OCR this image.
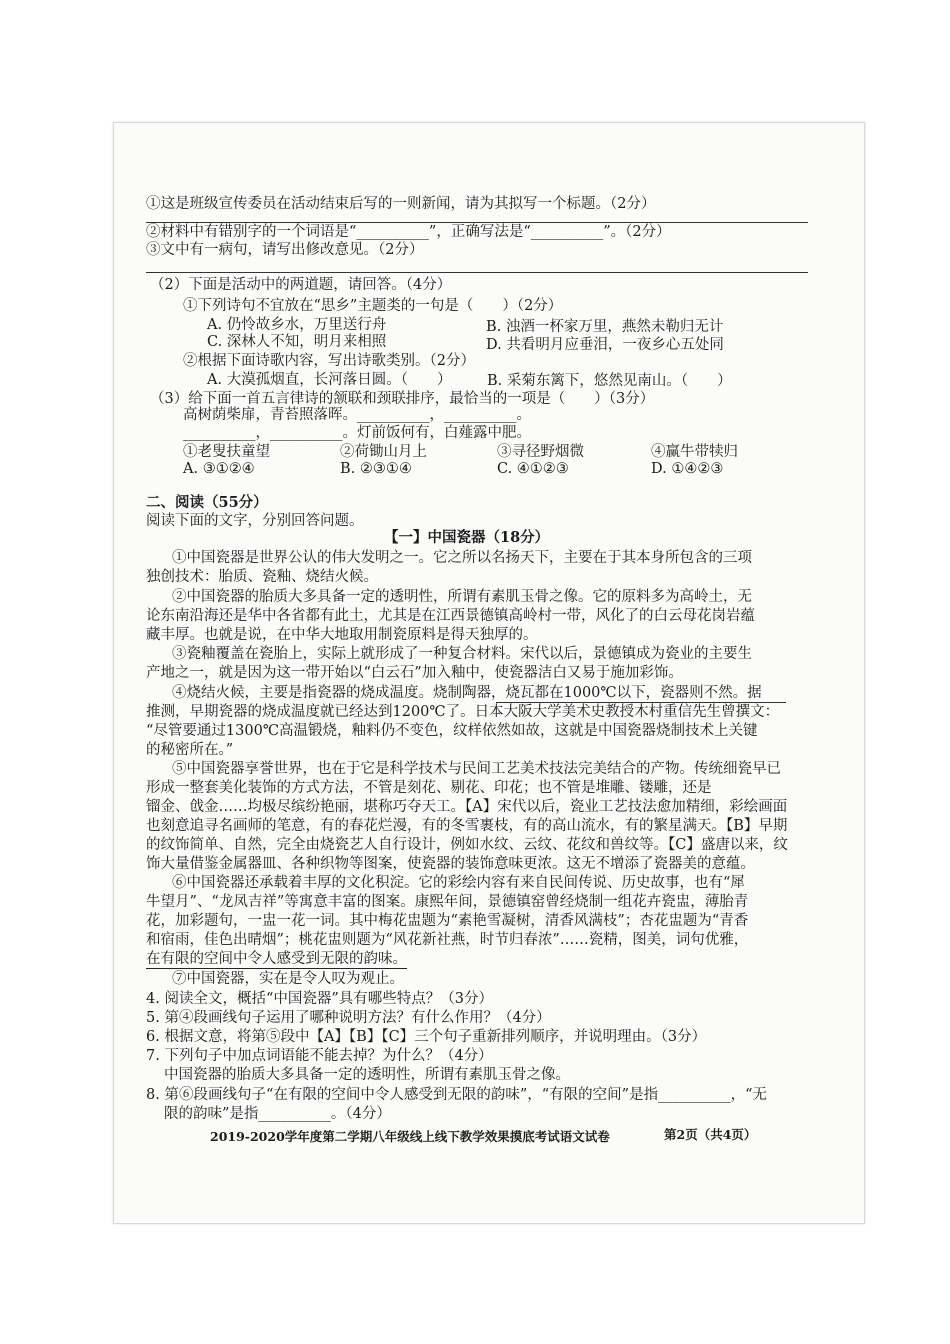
①这是班级宣传委员在活动结束后写的一则新闻，请为其拟写一个标题。（2分）
②材料中有错别字的一个词语是“__________”，正确写法是“__________”。（2分）
③文中有一病句，请写出修改意见。（2分）
（2）下面是活动中的两道题，请回答。（4分）
①下列诗句不宜放在“思乡”主题类的一句是（　　）（2分）
A. 仍怜故乡水，万里送行舟	B. 浊酒一杯家万里，燕然未勒归无计
C. 深林人不知，明月来相照	D. 共看明月应垂泪，一夜乡心五处同
②根据下面诗歌内容，写出诗歌类别。（2分）
A. 大漠孤烟直，长河落日圆。（　　） B. 采菊东篱下，悠然见南山。（　　）
（3）给下面一首五言律诗的颔联和颈联排序，最恰当的一项是（　　）（3分）
高树荫柴扉，青苔照落晖。__________，__________。
__________，__________。灯前饭何有，白薤露中肥。
①老叟扶童望	②荷锄山月上	③寻径野烟微	④赢牛带犊归
A. ③①②④	B. ②③①④	C. ④①②③	D. ①④②③
二、阅读（55分）
阅读下面的文字，分别回答问题。
【一】中国瓷器（18分）
①中国瓷器是世界公认的伟大发明之一。它之所以名扬天下，主要在于其本身所包含的三项
独创技术：胎质、瓷釉、烧结火候。
②中国瓷器的胎质大多具备一定的透明性，所谓有素肌玉骨之像。它的原料多为高岭土，无
论东南沿海还是华中各省都有此土，尤其是在江西景德镇高岭村一带，风化了的白云母花岗岩蕴
藏丰厚。也就是说，在中华大地取用制瓷原料是得天独厚的。
③瓷釉覆盖在瓷胎上，实际上就形成了一种复合材料。宋代以后，景德镇成为瓷业的主要生
产地之一，就是因为这一带开始以“白云石”加入釉中，使瓷器洁白又易于施加彩饰。
④烧结火候，主要是指瓷器的烧成温度。烧制陶器，烧瓦都在1000℃以下，瓷器则不然。据
推测，早期瓷器的烧成温度就已经达到1200℃了。日本大阪大学美术史教授木村重信先生曾撰文：
“尽管要通过1300℃高温锻烧，釉料仍不变色，纹样依然如故，这就是中国瓷器烧制技术上关键
的秘密所在。”
⑤中国瓷器享誉世界，也在于它是科学技术与民间工艺美术技法完美结合的产物。传统细瓷早已
形成一整套美化装饰的方式方法，不管是刻花、剔花、印花；也不管是堆雕、镂雕，还是
镏金、戗金……均极尽缤纷艳丽，堪称巧夺天工。【A】宋代以后，瓷业工艺技法愈加精细，彩绘画面
也刻意追寻名画师的笔意，有的春花烂漫，有的冬雪裹枝，有的高山流水，有的繁星满天。【B】早期
的纹饰简单、自然，完全由烧瓷艺人自行设计，例如水纹、云纹、花纹和兽纹等。【C】盛唐以来，纹
饰大量借鉴金属器皿、各种织物等图案，使瓷器的装饰意味更浓。这无不增添了瓷器美的意蕴。
⑥中国瓷器还承载着丰厚的文化积淀。它的彩绘内容有来自民间传说、历史故事，也有“犀
牛望月”、“龙凤吉祥”等寓意丰富的图案。康熙年间，景德镇窑曾经烧制一组花卉瓷盅，薄胎青
花，加彩题句，一盅一花一词。其中梅花盅题为“素艳雪凝树，清香风满枝”；杏花盅题为“青香
和宿雨，佳色出晴烟”；桃花盅则题为“风花新社燕，时节归春浓”……瓷精，图美，词句优雅，
在有限的空间中令人感受到无限的韵味。
⑦中国瓷器，实在是令人叹为观止。
4. 阅读全文，概括“中国瓷器”具有哪些特点？（3分）
5. 第④段画线句子运用了哪种说明方法？有什么作用？（4分）
6. 根据文意，将第⑤段中【A】【B】【C】三个句子重新排列顺序，并说明理由。（3分）
7. 下列句子中加点词语能不能去掉？为什么？（4分）
中国瓷器的胎质大多具备一定的透明性，所谓有素肌玉骨之像。
8. 第⑥段画线句子“在有限的空间中令人感受到无限的韵味”，“有限的空间”是指__________，“无
限的韵味”是指__________。（4分）
2019-2020学年度第二学期八年级线上线下教学效果摸底考试语文试卷	第2页（共4页）
